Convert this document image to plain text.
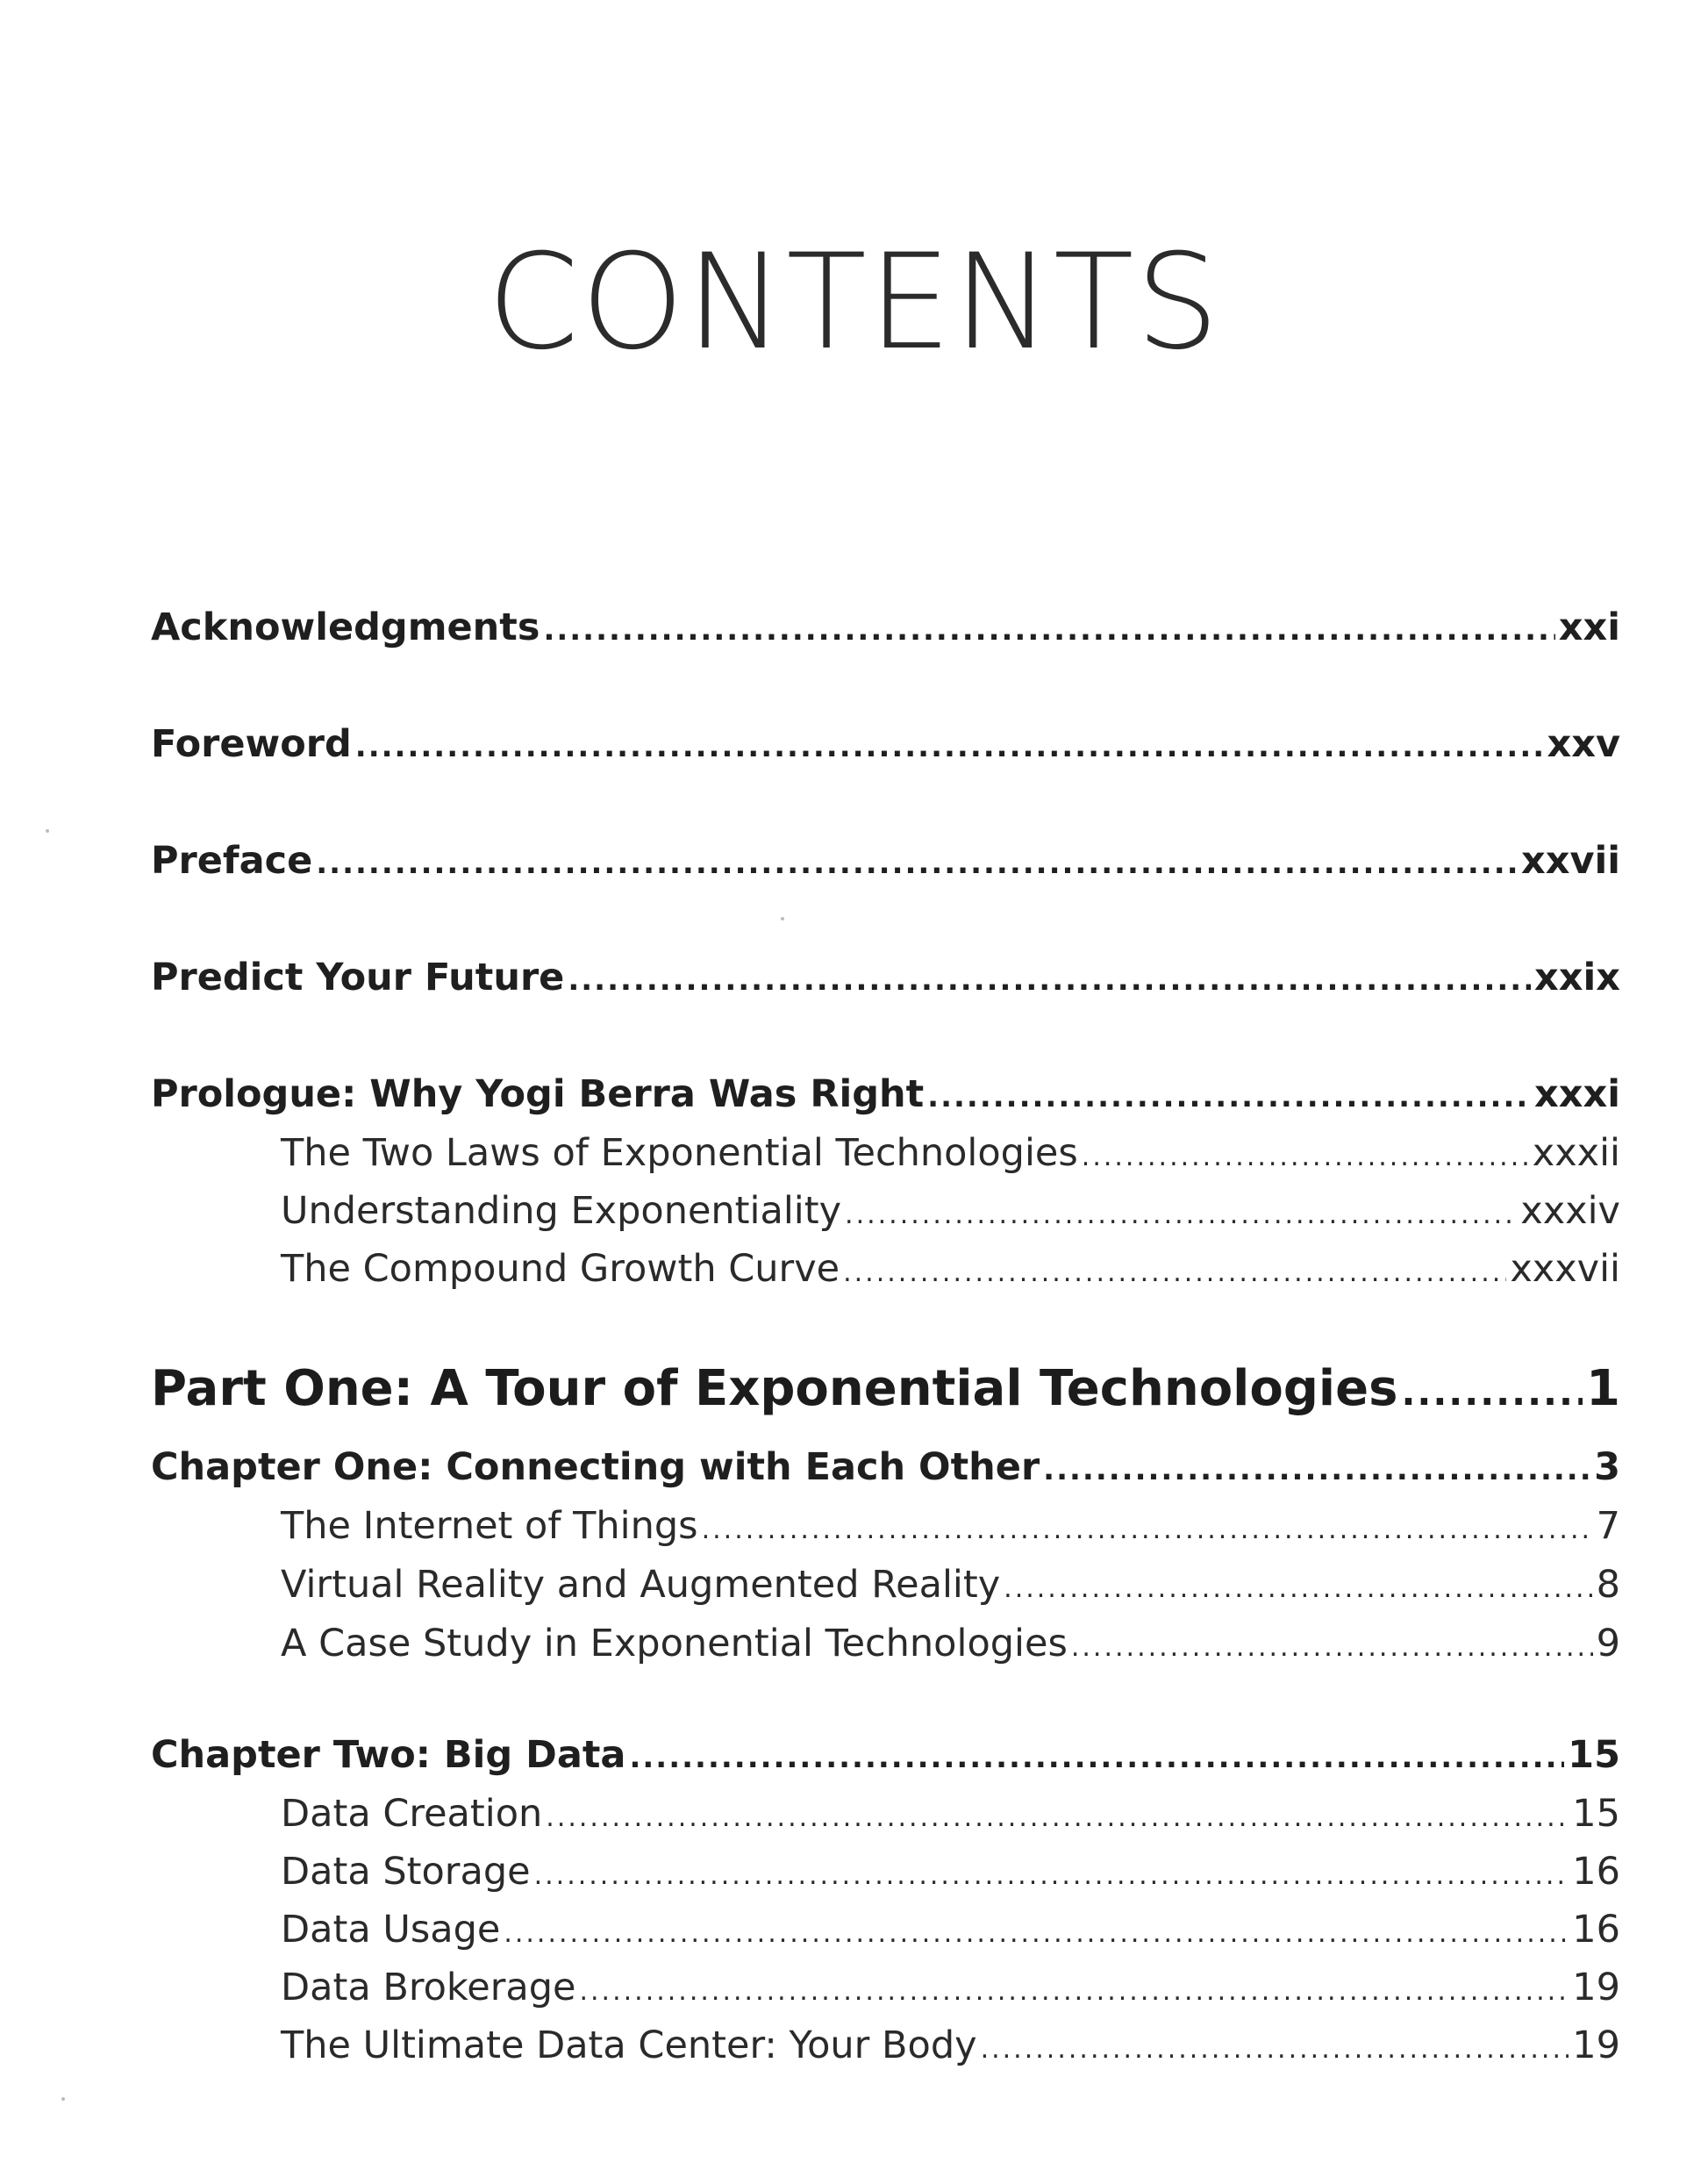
CONTENTS
Acknowledgments .....	xxi
Foreword .....	xxv
Preface .....	xxvii
Predict Your Future .....	xxix
Prologue: Why Yogi Berra Was Right .....	xxxi
The Two Laws of Exponential Technologies .....	xxxii
Understanding Exponentiality .....	xxxiv
The Compound Growth Curve .....	xxxvii
Part One: A Tour of Exponential Technologies .....	1
Chapter One: Connecting with Each Other .....	3
The Internet of Things .....	7
Virtual Reality and Augmented Reality .....	8
A Case Study in Exponential Technologies .....	9
Chapter Two: Big Data .....	15
Data Creation .....	15
Data Storage .....	16
Data Usage .....	16
Data Brokerage .....	19
The Ultimate Data Center: Your Body .....	19
